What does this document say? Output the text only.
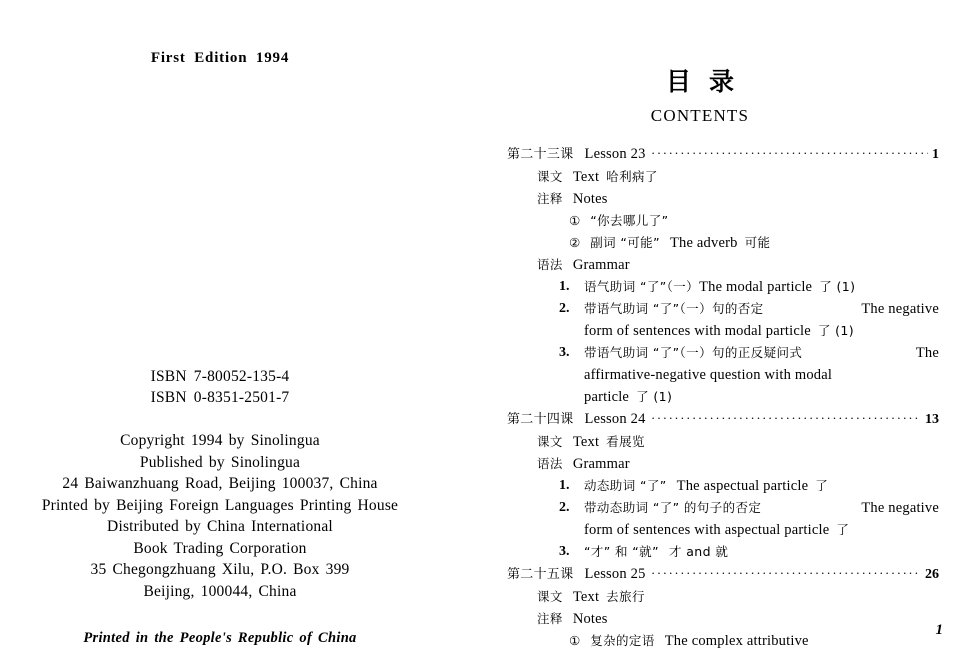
First Edition 1994
ISBN 7-80052-135-4
ISBN 0-8351-2501-7
Copyright 1994 by Sinolingua
Published by Sinolingua
24 Baiwanzhuang Road, Beijing 100037, China
Printed by Beijing Foreign Languages Printing House
Distributed by China International
Book Trading Corporation
35 Chegongzhuang Xilu, P.O. Box 399
Beijing, 100044, China
Printed in the People's Republic of China
目录
CONTENTS
第二十三课 Lesson 23 .....	1
课文 Text 哈利病了
注释 Notes
① “你去哪儿了”
② 副词 “可能” The adverb 可能
语法 Grammar
1.	语气助词 “了”（一）The modal particle 了 (1)
2.	带语气助词 “了”（一）句的否定	The negative
form of sentences with modal particle 了 (1)
3.	带语气助词 “了”（一）句的正反疑问式	The
affirmative-negative question with modal
particle 了 (1)
第二十四课 Lesson 24 .....	13
课文 Text 看展览
语法 Grammar
1.	动态助词 “了” The aspectual particle 了
2.	带动态助词 “了” 的句子的否定	The negative
form of sentences with aspectual particle 了
3.	“才” 和 “就” 才 and 就
第二十五课 Lesson 25 .....	26
课文 Text 去旅行
注释 Notes
① 复杂的定语 The complex attributive
1
